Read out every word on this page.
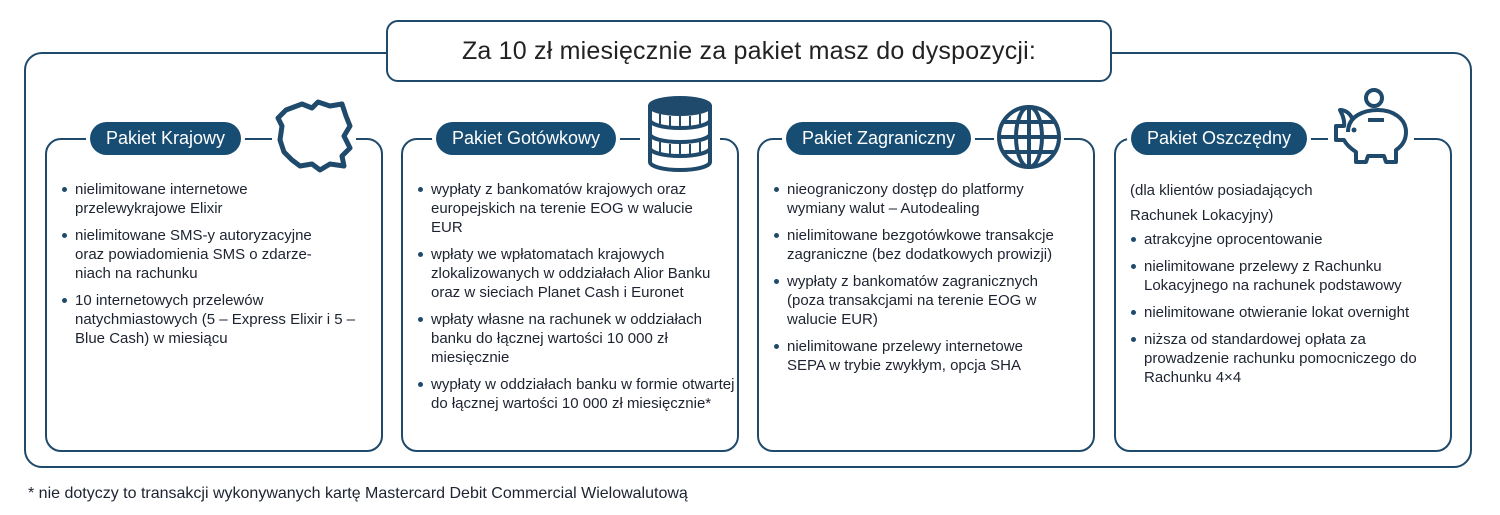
Za 10 zł miesięcznie za pakiet masz do dyspozycji:
nielimitowane internetowe przelewykrajowe Elixir
nielimitowane SMS-y autoryzacyjne oraz powiadomienia SMS o zdarze-niach na rachunku
10 internetowych przelewów natychmiastowych (5 – Express Elixir i 5 – Blue Cash) w miesiącu
Pakiet Krajowy
wypłaty z bankomatów krajowych oraz europejskich na terenie EOG w walucie EUR
wpłaty we wpłatomatach krajowych zlokalizowanych w oddziałach Alior Banku oraz w sieciach Planet Cash i Euronet
wpłaty własne na rachunek w oddziałach banku do łącznej wartości 10 000 zł miesięcznie
wypłaty w oddziałach banku w formie otwartej do łącznej wartości 10 000 zł miesięcznie*
Pakiet Gotówkowy
nieograniczony dostęp do platformy wymiany walut – Autodealing
nielimitowane bezgotówkowe transakcje zagraniczne (bez dodatkowych prowizji)
wypłaty z bankomatów zagranicznych (poza transakcjami na terenie EOG w walucie EUR)
nielimitowane przelewy internetowe SEPA w trybie zwykłym, opcja SHA
Pakiet Zagraniczny
(dla klientów posiadających Rachunek Lokacyjny)
atrakcyjne oprocentowanie
nielimitowane przelewy z Rachunku Lokacyjnego na rachunek podstawowy
nielimitowane otwieranie lokat overnight
niższa od standardowej opłata za prowadzenie rachunku pomocniczego do Rachunku 4×4
Pakiet Oszczędny
* nie dotyczy to transakcji wykonywanych kartę Mastercard Debit Commercial Wielowalutową
